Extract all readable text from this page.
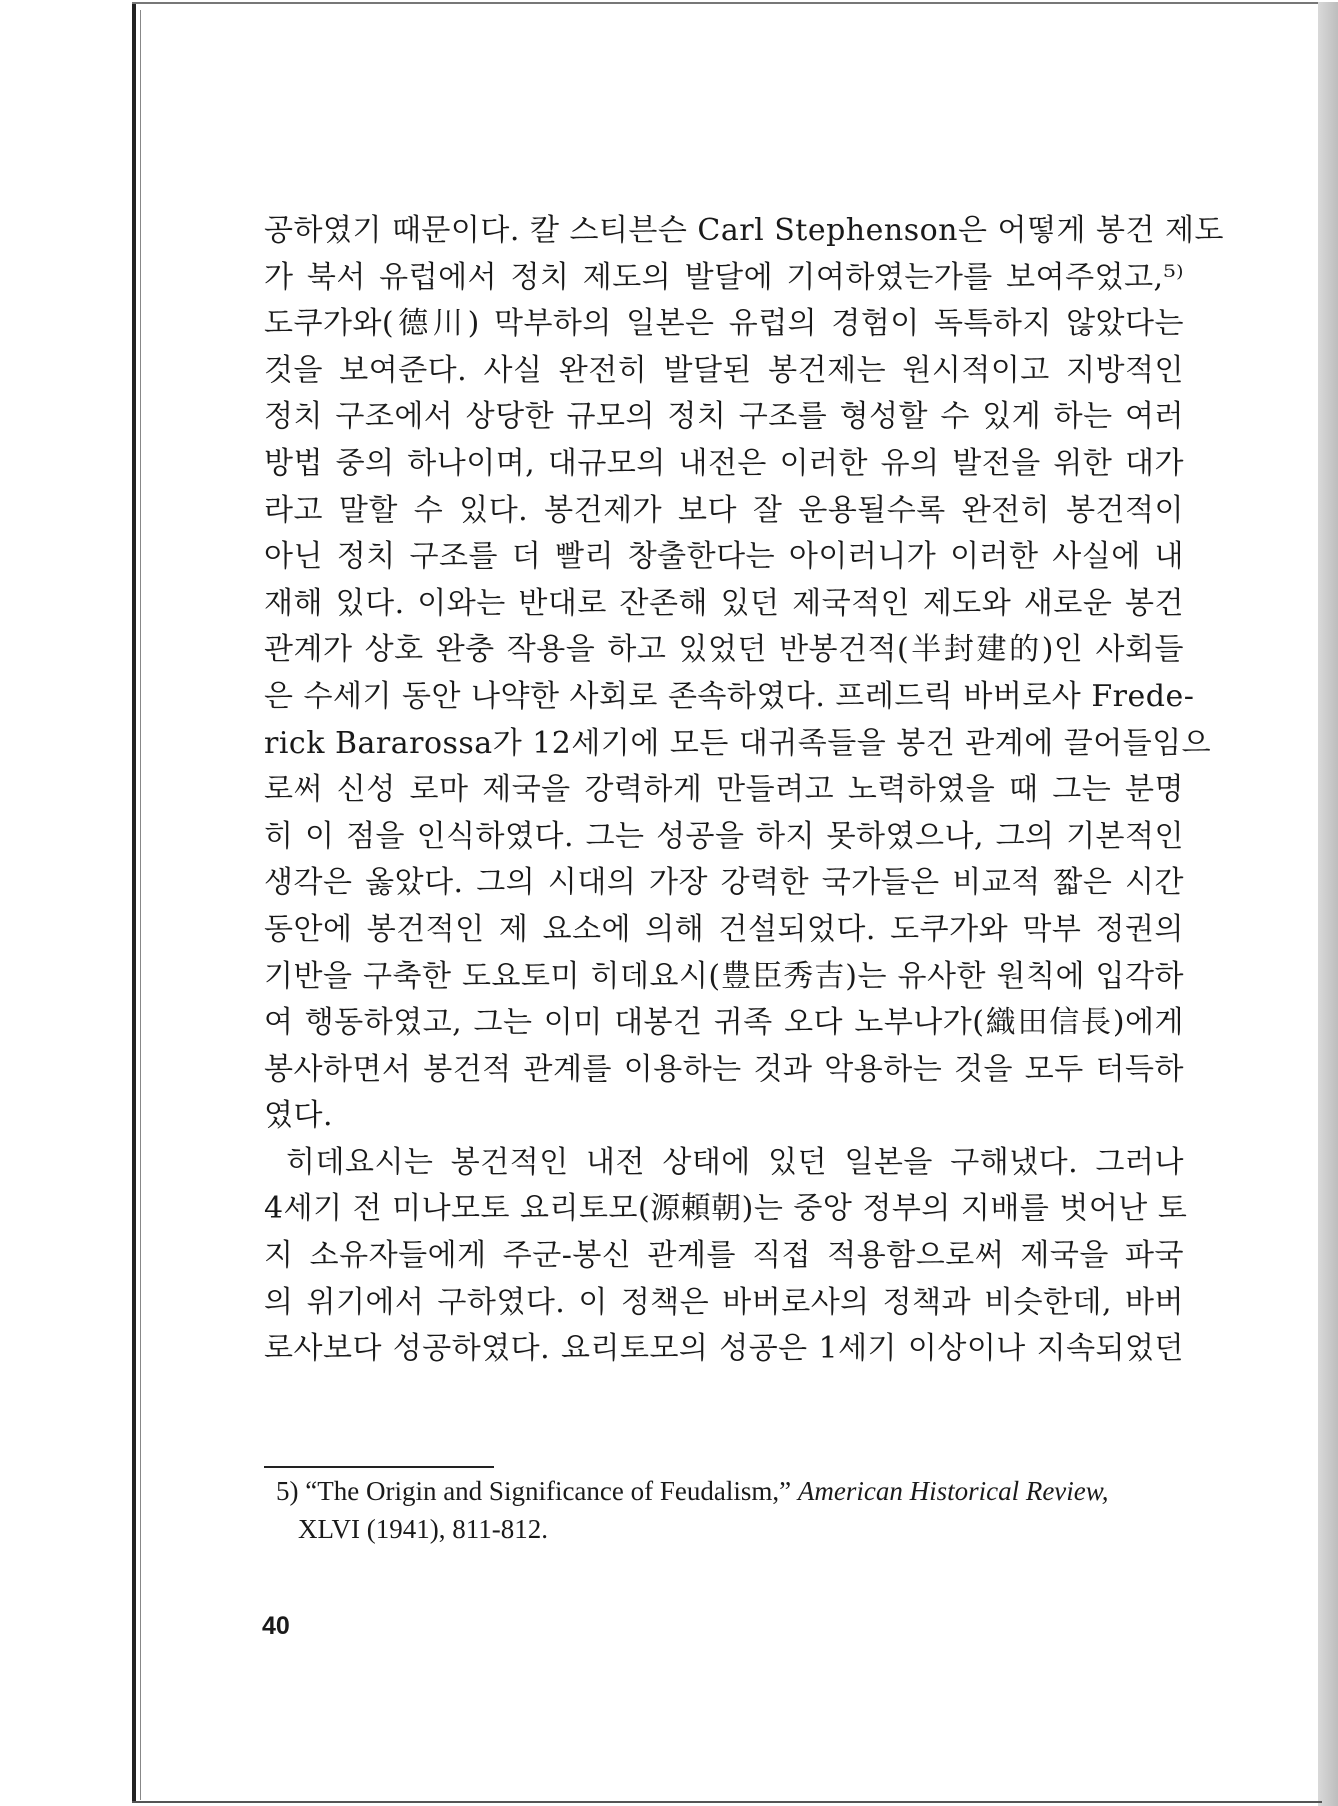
공하였기 때문이다. 칼 스티븐슨 Carl Stephenson은 어떻게 봉건 제도
가 북서 유럽에서 정치 제도의 발달에 기여하였는가를 보여주었고,⁵⁾
도쿠가와(德川) 막부하의 일본은 유럽의 경험이 독특하지 않았다는
것을 보여준다. 사실 완전히 발달된 봉건제는 원시적이고 지방적인
정치 구조에서 상당한 규모의 정치 구조를 형성할 수 있게 하는 여러
방법 중의 하나이며, 대규모의 내전은 이러한 유의 발전을 위한 대가
라고 말할 수 있다. 봉건제가 보다 잘 운용될수록 완전히 봉건적이
아닌 정치 구조를 더 빨리 창출한다는 아이러니가 이러한 사실에 내
재해 있다. 이와는 반대로 잔존해 있던 제국적인 제도와 새로운 봉건
관계가 상호 완충 작용을 하고 있었던 반봉건적(半封建的)인 사회들
은 수세기 동안 나약한 사회로 존속하였다. 프레드릭 바버로사 Frede-
rick Bararossa가 12세기에 모든 대귀족들을 봉건 관계에 끌어들임으
로써 신성 로마 제국을 강력하게 만들려고 노력하였을 때 그는 분명
히 이 점을 인식하였다. 그는 성공을 하지 못하였으나, 그의 기본적인
생각은 옳았다. 그의 시대의 가장 강력한 국가들은 비교적 짧은 시간
동안에 봉건적인 제 요소에 의해 건설되었다. 도쿠가와 막부 정권의
기반을 구축한 도요토미 히데요시(豊臣秀吉)는 유사한 원칙에 입각하
여 행동하였고, 그는 이미 대봉건 귀족 오다 노부나가(織田信長)에게
봉사하면서 봉건적 관계를 이용하는 것과 악용하는 것을 모두 터득하
였다.
히데요시는 봉건적인 내전 상태에 있던 일본을 구해냈다. 그러나
4세기 전 미나모토 요리토모(源頼朝)는 중앙 정부의 지배를 벗어난 토
지 소유자들에게 주군-봉신 관계를 직접 적용함으로써 제국을 파국
의 위기에서 구하였다. 이 정책은 바버로사의 정책과 비슷한데, 바버
로사보다 성공하였다. 요리토모의 성공은 1세기 이상이나 지속되었던
5) “The Origin and Significance of Feudalism,” American Historical Review,
XLVI (1941), 811-812.
40
